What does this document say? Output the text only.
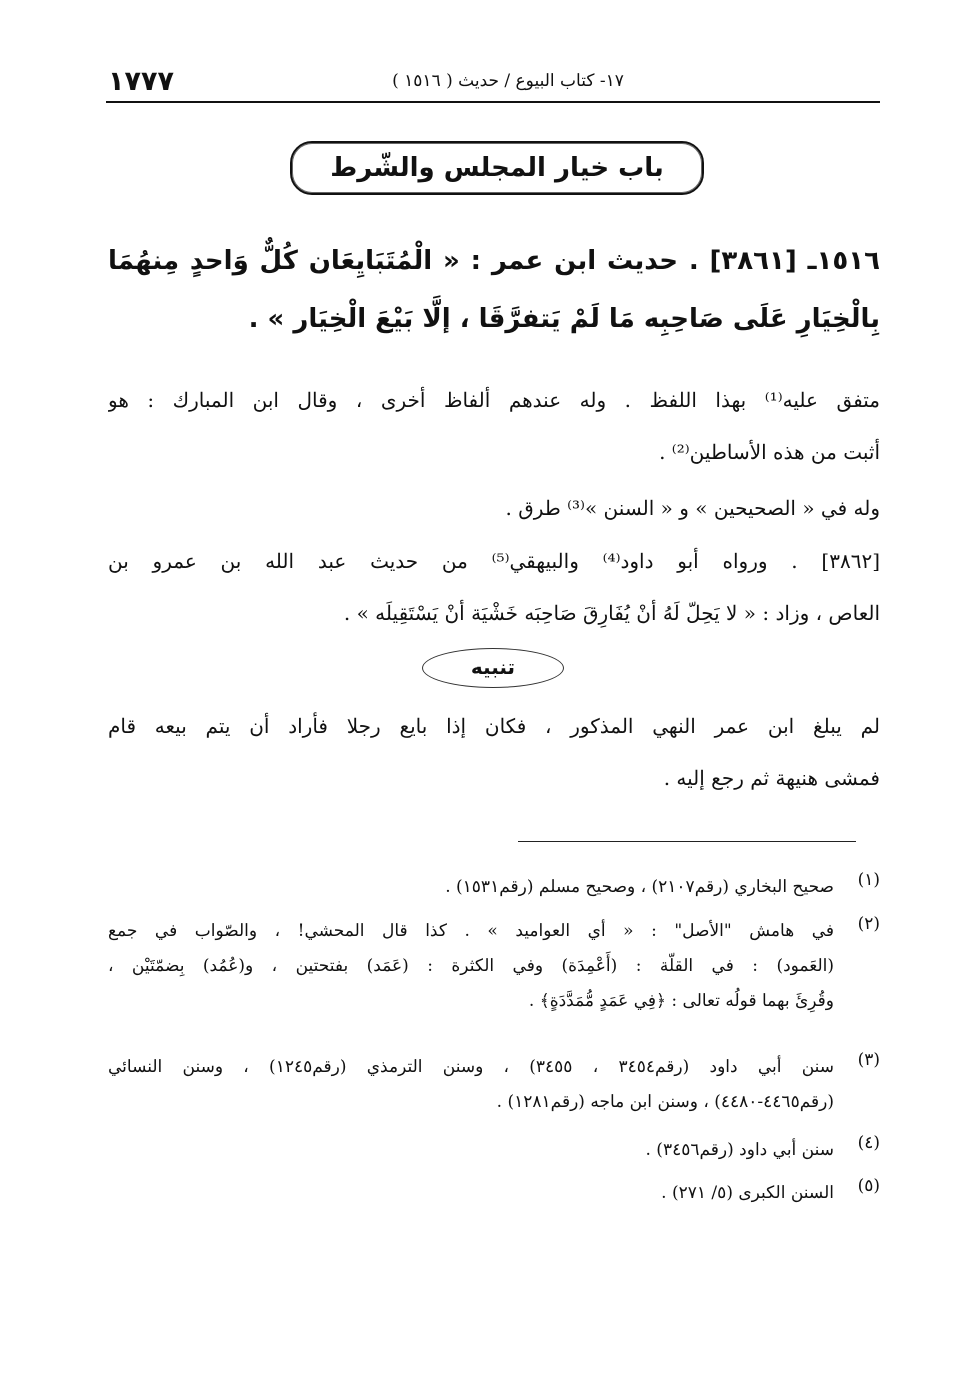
١٧٧٧	١٧- كتاب البيوع / حديث ( ١٥١٦ )
باب خيار المجلس والشّرط
١٥١٦ـ [٣٨٦١] . حديث ابن عمر : « الْمُتَبَايِعَان كُلٌّ وَاحدٍ مِنهُمَا
بِالْخِيَارِ عَلَى صَاحِبِه مَا لَمْ يَتفرَّقَا ، إلَّا بَيْعَ الْخِيَار » .
متفق عليه⁽¹⁾ بهذا اللفظ . وله عندهم ألفاظ أخرى ، وقال ابن المبارك : هو
أثبت من هذه الأساطين⁽²⁾ .
وله في « الصحيحين » و « السنن »⁽³⁾ طرق .
[٣٨٦٢] . ورواه أبو داود⁽⁴⁾ والبيهقي⁽⁵⁾ من حديث عبد الله بن عمرو بن
العاص ، وزاد : « لا يَحِلّ لَهُ أنْ يُفَارِقَ صَاحِبَه خَشْيَة أنْ يَسْتَقِيلَه » .
تنبيه
لم يبلغ ابن عمر النهي المذكور ، فكان إذا بايع رجلا فأراد أن يتم بيعه قام
فمشى هنيهة ثم رجع إليه .
(١)
صحيح البخاري (رقم٢١٠٧) ، وصحيح مسلم (رقم١٥٣١) .
(٢)
في هامش "الأصل" : « أي العواميد » . كذا قال المحشي! ، والصّواب في جمع
(العَمود) : في القلّة : (أَعْمِدَة) وفي الكثرة : (عَمَد) بفتحتين ، و(عُمُد) بِضمّتَيْن ،
وقُرِئَ بهما قولُه تعالى : ﴿فِي عَمَدٍ مُّمَدَّدَةٍ﴾ .
(٣)
سنن أبي داود (رقم٣٤٥٤ ، ٣٤٥٥) ، وسنن الترمذي (رقم١٢٤٥) ، وسنن النسائي
(رقم٤٤٦٥-٤٤٨٠) ، وسنن ابن ماجه (رقم١٢٨١) .
(٤)
سنن أبي داود (رقم٣٤٥٦) .
(٥)
السنن الكبرى (٥/ ٢٧١) .
